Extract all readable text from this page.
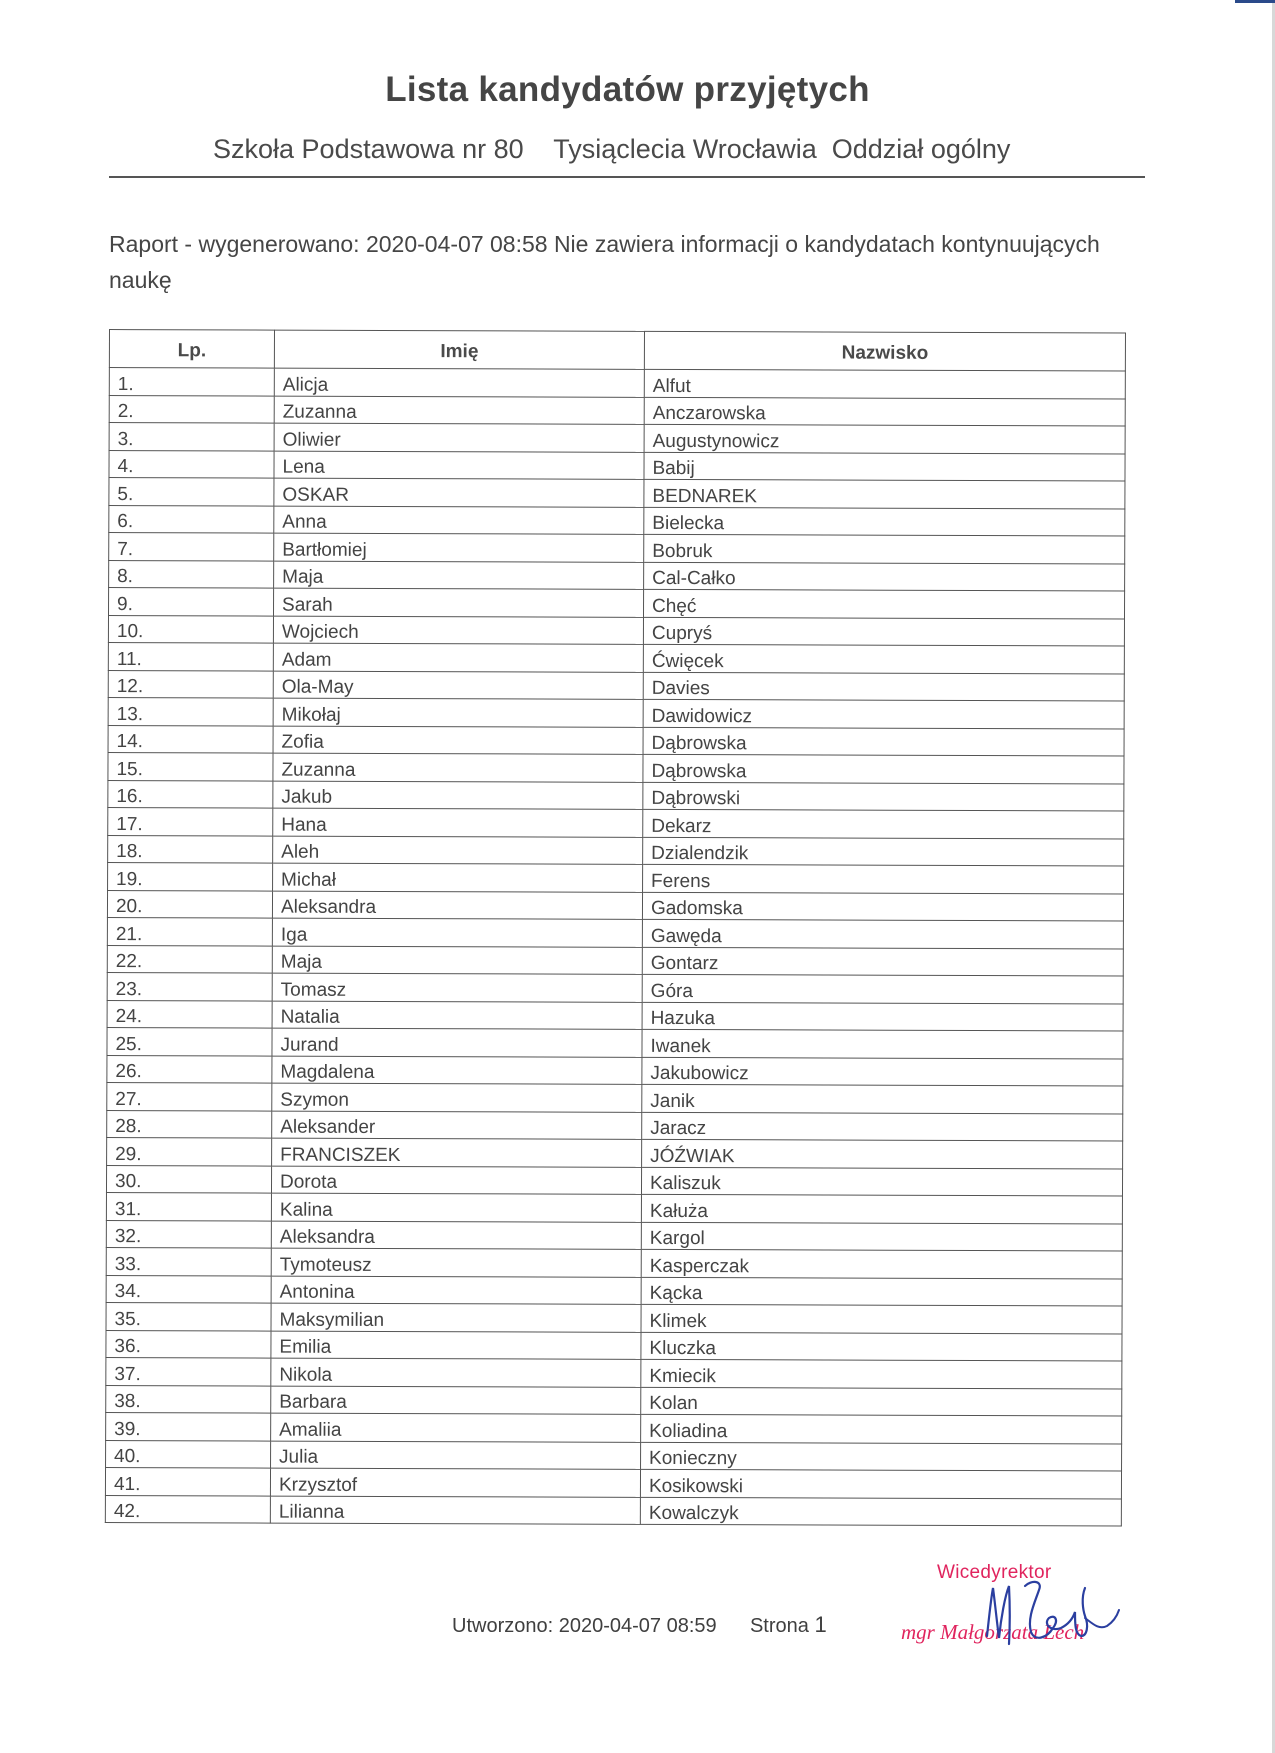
Lista kandydatów przyjętych
Szkoła Podstawowa nr 80    Tysiąclecia Wrocławia  Oddział ogólny
Raport - wygenerowano: 2020-04-07 08:58 Nie zawiera informacji o kandydatach kontynuujących naukę
Lp.	Imię	Nazwisko
1.	Alicja	Alfut
2.	Zuzanna	Anczarowska
3.	Oliwier	Augustynowicz
4.	Lena	Babij
5.	OSKAR	BEDNAREK
6.	Anna	Bielecka
7.	Bartłomiej	Bobruk
8.	Maja	Cal-Całko
9.	Sarah	Chęć
10.	Wojciech	Cupryś
11.	Adam	Ćwięcek
12.	Ola-May	Davies
13.	Mikołaj	Dawidowicz
14.	Zofia	Dąbrowska
15.	Zuzanna	Dąbrowska
16.	Jakub	Dąbrowski
17.	Hana	Dekarz
18.	Aleh	Dzialendzik
19.	Michał	Ferens
20.	Aleksandra	Gadomska
21.	Iga	Gawęda
22.	Maja	Gontarz
23.	Tomasz	Góra
24.	Natalia	Hazuka
25.	Jurand	Iwanek
26.	Magdalena	Jakubowicz
27.	Szymon	Janik
28.	Aleksander	Jaracz
29.	FRANCISZEK	JÓŹWIAK
30.	Dorota	Kaliszuk
31.	Kalina	Kałuża
32.	Aleksandra	Kargol
33.	Tymoteusz	Kasperczak
34.	Antonina	Kącka
35.	Maksymilian	Klimek
36.	Emilia	Kluczka
37.	Nikola	Kmiecik
38.	Barbara	Kolan
39.	Amaliia	Koliadina
40.	Julia	Konieczny
41.	Krzysztof	Kosikowski
42.	Lilianna	Kowalczyk
Utworzono: 2020-04-07 08:59 Strona 1
Wicedyrektor
mgr Małgorzata Lech
